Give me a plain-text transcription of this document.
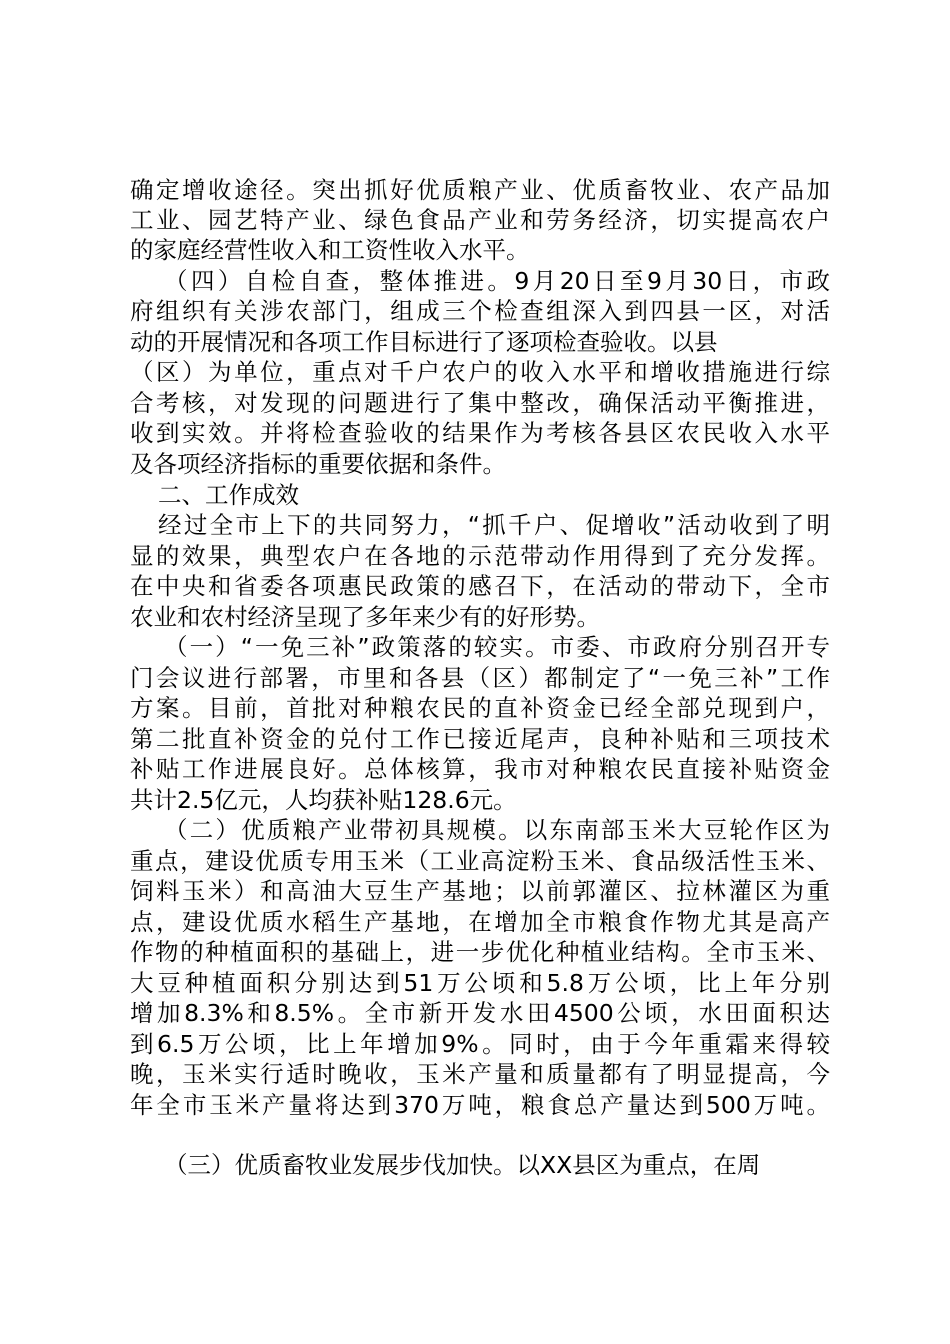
确定增收途径。突出抓好优质粮产业、优质畜牧业、农产品加
工业、园艺特产业、绿色食品产业和劳务经济，切实提高农户
的家庭经营性收入和工资性收入水平。
（四）自检自查，整体推进。9月20日至9月30日，市政
府组织有关涉农部门，组成三个检查组深入到四县一区，对活
动的开展情况和各项工作目标进行了逐项检查验收。以县
（区）为单位，重点对千户农户的收入水平和增收措施进行综
合考核，对发现的问题进行了集中整改，确保活动平衡推进，
收到实效。并将检查验收的结果作为考核各县区农民收入水平
及各项经济指标的重要依据和条件。
二、工作成效
经过全市上下的共同努力，“抓千户、促增收”活动收到了明
显的效果，典型农户在各地的示范带动作用得到了充分发挥。
在中央和省委各项惠民政策的感召下，在活动的带动下，全市
农业和农村经济呈现了多年来少有的好形势。
（一）“一免三补”政策落的较实。市委、市政府分别召开专
门会议进行部署，市里和各县（区）都制定了“一免三补”工作
方案。目前，首批对种粮农民的直补资金已经全部兑现到户，
第二批直补资金的兑付工作已接近尾声，良种补贴和三项技术
补贴工作进展良好。总体核算，我市对种粮农民直接补贴资金
共计2.5亿元，人均获补贴128.6元。
（二）优质粮产业带初具规模。以东南部玉米大豆轮作区为
重点，建设优质专用玉米（工业高淀粉玉米、食品级活性玉米、
饲料玉米）和高油大豆生产基地；以前郭灌区、拉林灌区为重
点，建设优质水稻生产基地，在增加全市粮食作物尤其是高产
作物的种植面积的基础上，进一步优化种植业结构。全市玉米、
大豆种植面积分别达到51万公顷和5.8万公顷，比上年分别
增加8.3%和8.5%。全市新开发水田4500公顷，水田面积达
到6.5万公顷，比上年增加9%。同时，由于今年重霜来得较
晚，玉米实行适时晚收，玉米产量和质量都有了明显提高，今
年全市玉米产量将达到370万吨，粮食总产量达到500万吨。
（三）优质畜牧业发展步伐加快。以XX县区为重点，在周
